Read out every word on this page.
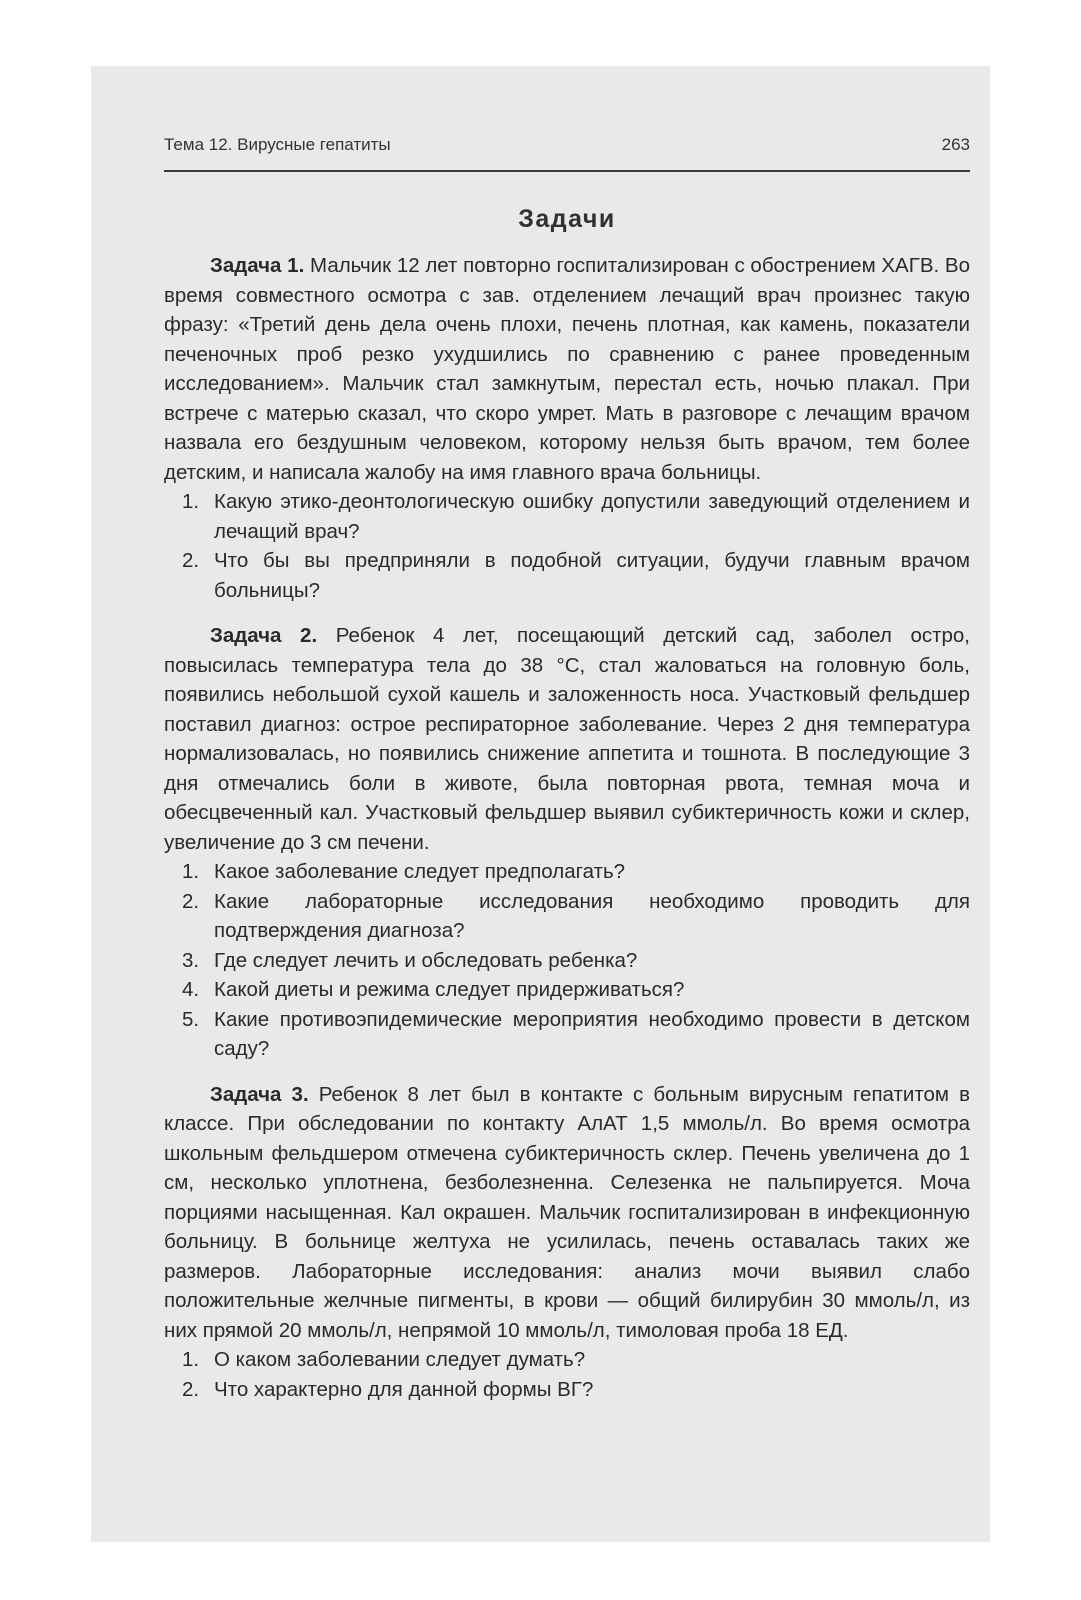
Тема 12. Вирусные гепатиты	263
Задачи

Задача 1. Мальчик 12 лет повторно госпитализирован с обострением ХАГВ. Во время совместного осмотра с зав. отделением лечащий врач произнес такую фразу: «Третий день дела очень плохи, печень плотная, как камень, показатели печеночных проб резко ухудшились по сравнению с ранее проведенным исследованием». Мальчик стал замкнутым, перестал есть, ночью плакал. При встрече с матерью сказал, что скоро умрет. Мать в разговоре с лечащим врачом назвала его бездушным человеком, которому нельзя быть врачом, тем более детским, и написала жалобу на имя главного врача больницы.

1. Какую этико-деонтологическую ошибку допустили заведующий отделением и лечащий врач?
2. Что бы вы предприняли в подобной ситуации, будучи главным врачом больницы?

Задача 2. Ребенок 4 лет, посещающий детский сад, заболел остро, повысилась температура тела до 38 °С, стал жаловаться на головную боль, появились небольшой сухой кашель и заложенность носа. Участковый фельдшер поставил диагноз: острое респираторное заболевание. Через 2 дня температура нормализовалась, но появились снижение аппетита и тошнота. В последующие 3 дня отмечались боли в животе, была повторная рвота, темная моча и обесцвеченный кал. Участковый фельдшер выявил субиктеричность кожи и склер, увеличение до 3 см печени.

1. Какое заболевание следует предполагать?
2. Какие лабораторные исследования необходимо проводить для подтверждения диагноза?
3. Где следует лечить и обследовать ребенка?
4. Какой диеты и режима следует придерживаться?
5. Какие противоэпидемические мероприятия необходимо провести в детском саду?

Задача 3. Ребенок 8 лет был в контакте с больным вирусным гепатитом в классе. При обследовании по контакту АлАТ 1,5 ммоль/л. Во время осмотра школьным фельдшером отмечена субиктеричность склер. Печень увеличена до 1 см, несколько уплотнена, безболезненна. Селезенка не пальпируется. Моча порциями насыщенная. Кал окрашен. Мальчик госпитализирован в инфекционную больницу. В больнице желтуха не усилилась, печень оставалась таких же размеров. Лабораторные исследования: анализ мочи выявил слабо положительные желчные пигменты, в крови — общий билирубин 30 ммоль/л, из них прямой 20 ммоль/л, непрямой 10 ммоль/л, тимоловая проба 18 ЕД.

1. О каком заболевании следует думать?
2. Что характерно для данной формы ВГ?
